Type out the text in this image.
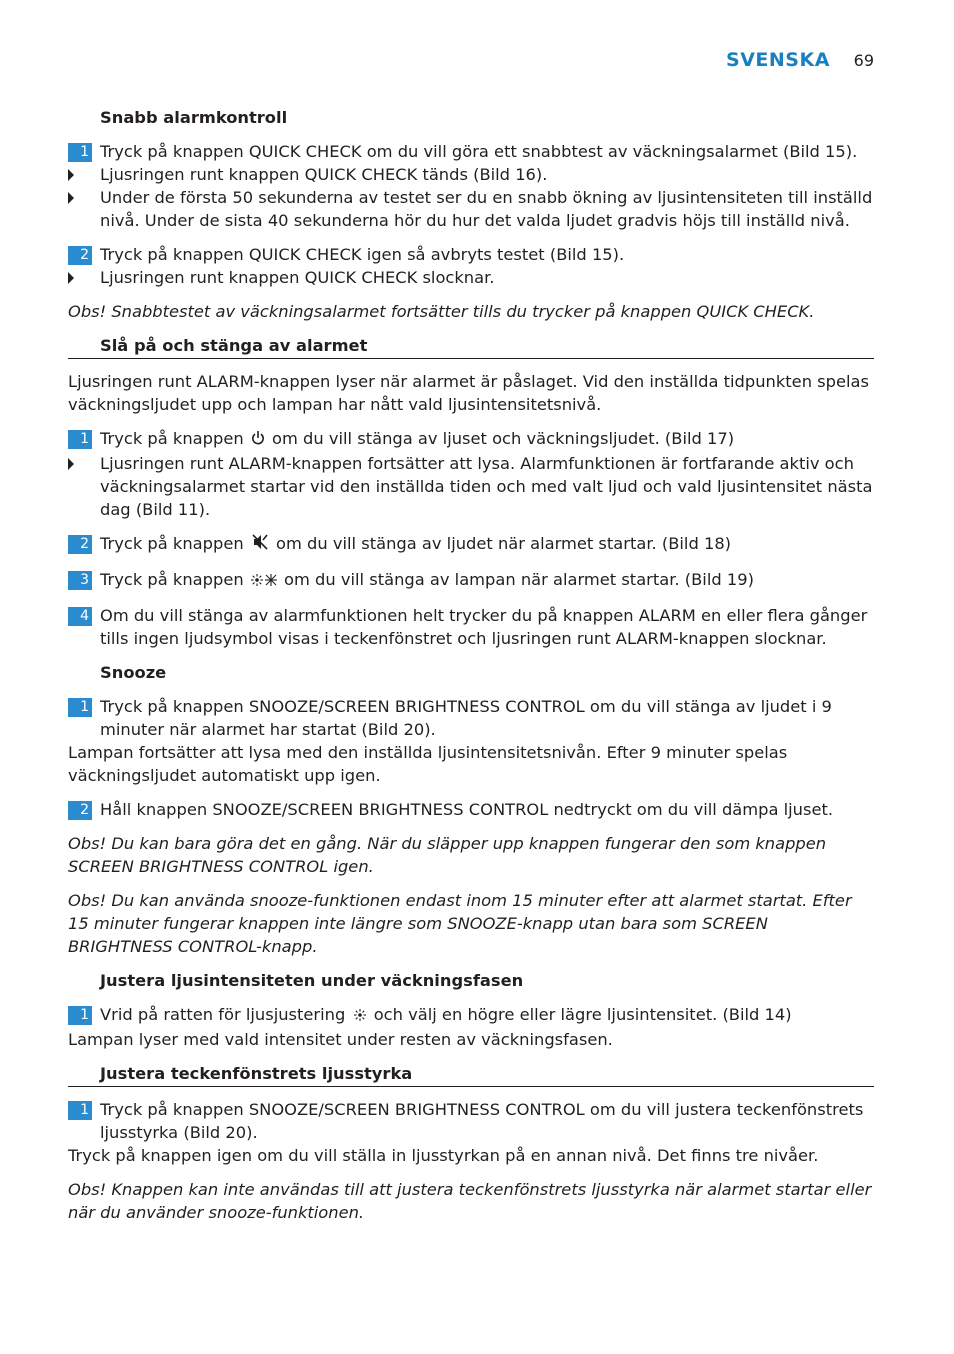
SVENSKA 69
Snabb alarmkontroll
1 Tryck på knappen QUICK CHECK om du vill göra ett snabbtest av väckningsalarmet (Bild 15).
Ljusringen runt knappen QUICK CHECK tänds (Bild 16).
Under de första 50 sekunderna av testet ser du en snabb ökning av ljusintensiteten till inställd nivå. Under de sista 40 sekunderna hör du hur det valda ljudet gradvis höjs till inställd nivå.
2 Tryck på knappen QUICK CHECK igen så avbryts testet (Bild 15).
Ljusringen runt knappen QUICK CHECK slocknar.
Obs! Snabbtestet av väckningsalarmet fortsätter tills du trycker på knappen QUICK CHECK.
Slå på och stänga av alarmet
Ljusringen runt ALARM-knappen lyser när alarmet är påslaget. Vid den inställda tidpunkten spelas väckningsljudet upp och lampan har nått vald ljusintensitetsnivå.
1 Tryck på knappen om du vill stänga av ljuset och väckningsljudet. (Bild 17)
Ljusringen runt ALARM-knappen fortsätter att lysa. Alarmfunktionen är fortfarande aktiv och väckningsalarmet startar vid den inställda tiden och med valt ljud och vald ljusintensitet nästa dag (Bild 11).
2 Tryck på knappen om du vill stänga av ljudet när alarmet startar. (Bild 18)
3 Tryck på knappen om du vill stänga av lampan när alarmet startar. (Bild 19)
4 Om du vill stänga av alarmfunktionen helt trycker du på knappen ALARM en eller flera gånger tills ingen ljudsymbol visas i teckenfönstret och ljusringen runt ALARM-knappen slocknar.
Snooze
1 Tryck på knappen SNOOZE/SCREEN BRIGHTNESS CONTROL om du vill stänga av ljudet i 9 minuter när alarmet har startat (Bild 20).
Lampan fortsätter att lysa med den inställda ljusintensitetsnivån. Efter 9 minuter spelas väckningsljudet automatiskt upp igen.
2 Håll knappen SNOOZE/SCREEN BRIGHTNESS CONTROL nedtryckt om du vill dämpa ljuset.
Obs! Du kan bara göra det en gång. När du släpper upp knappen fungerar den som knappen SCREEN BRIGHTNESS CONTROL igen.
Obs! Du kan använda snooze-funktionen endast inom 15 minuter efter att alarmet startat. Efter 15 minuter fungerar knappen inte längre som SNOOZE-knapp utan bara som SCREEN BRIGHTNESS CONTROL-knapp.
Justera ljusintensiteten under väckningsfasen
1 Vrid på ratten för ljusjustering och välj en högre eller lägre ljusintensitet. (Bild 14)
Lampan lyser med vald intensitet under resten av väckningsfasen.
Justera teckenfönstrets ljusstyrka
1 Tryck på knappen SNOOZE/SCREEN BRIGHTNESS CONTROL om du vill justera teckenfönstrets ljusstyrka (Bild 20).
Tryck på knappen igen om du vill ställa in ljusstyrkan på en annan nivå. Det finns tre nivåer.
Obs! Knappen kan inte användas till att justera teckenfönstrets ljusstyrka när alarmet startar eller när du använder snooze-funktionen.
